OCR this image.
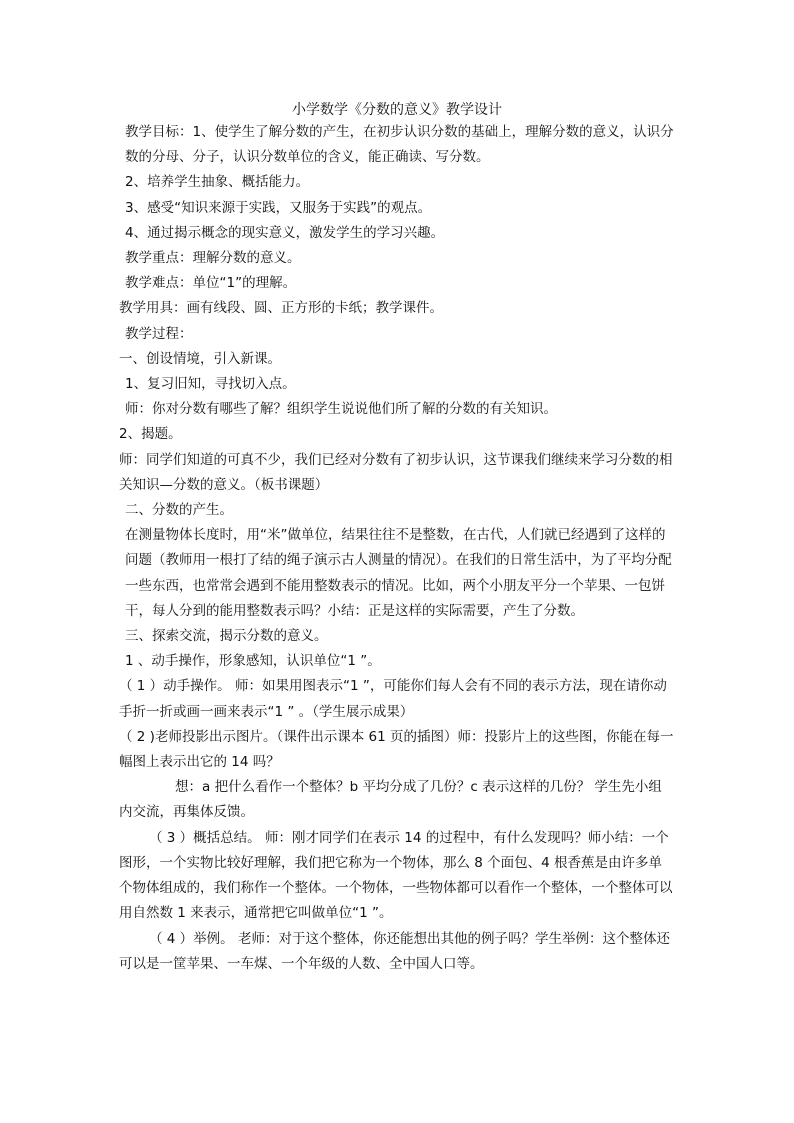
小学数学《分数的意义》教学设计

教学目标：1、使学生了解分数的产生，在初步认识分数的基础上，理解分数的意义，认识分数的分母、分子，认识分数单位的含义，能正确读、写分数。

2、培养学生抽象、概括能力。

3、感受“知识来源于实践，又服务于实践”的观点。

4、通过揭示概念的现实意义，激发学生的学习兴趣。

教学重点：理解分数的意义。

教学难点：单位“1”的理解。

教学用具：画有线段、圆、正方形的卡纸；教学课件。

教学过程：

一、创设情境，引入新课。

1、复习旧知，寻找切入点。

师：你对分数有哪些了解？组织学生说说他们所了解的分数的有关知识。

2、揭题。

师：同学们知道的可真不少，我们已经对分数有了初步认识，这节课我们继续来学习分数的相关知识—分数的意义。（板书课题）

二、分数的产生。

在测量物体长度时，用“米”做单位，结果往往不是整数，在古代，人们就已经遇到了这样的问题（教师用一根打了结的绳子演示古人测量的情况）。在我们的日常生活中，为了平均分配一些东西，也常常会遇到不能用整数表示的情况。比如，两个小朋友平分一个苹果、一包饼干，每人分到的能用整数表示吗？小结：正是这样的实际需要，产生了分数。

三、探索交流，揭示分数的意义。

1 、动手操作，形象感知，认识单位“1 ”。

（ 1 ）动手操作。 师：如果用图表示“1 ”，可能你们每人会有不同的表示方法，现在请你动手折一折或画一画来表示“1 ” 。（学生展示成果）

（ 2 )老师投影出示图片。（课件出示课本 61 页的插图）师：投影片上的这些图，你能在每一幅图上表示出它的 14 吗？

想：a 把什么看作一个整体？b 平均分成了几份？c 表示这样的几份？ 学生先小组内交流，再集体反馈。

（ 3 ）概括总结。 师：刚才同学们在表示 14 的过程中，有什么发现吗？师小结：一个图形，一个实物比较好理解，我们把它称为一个物体，那么 8 个面包、4 根香蕉是由许多单个物体组成的，我们称作一个整体。一个物体，一些物体都可以看作一个整体，一个整体可以用自然数 1 来表示，通常把它叫做单位“1 ”。

（ 4 ）举例。 老师：对于这个整体，你还能想出其他的例子吗？学生举例：这个整体还可以是一筐苹果、一车煤、一个年级的人数、全中国人口等。
